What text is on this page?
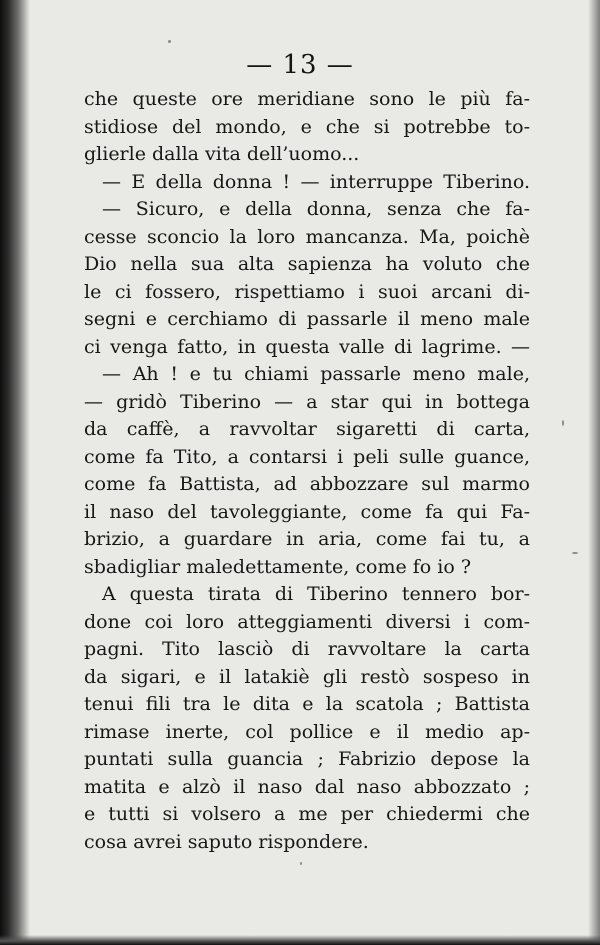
— 13 —
che queste ore meridiane sono le più fa-
stidiose del mondo, e che si potrebbe to-
glierle dalla vita dell’uomo...
— E della donna ! — interruppe Tiberino.
— Sicuro, e della donna, senza che fa-
cesse sconcio la loro mancanza. Ma, poichè
Dio nella sua alta sapienza ha voluto che
le ci fossero, rispettiamo i suoi arcani di-
segni e cerchiamo di passarle il meno male
ci venga fatto, in questa valle di lagrime. —
— Ah ! e tu chiami passarle meno male,
— gridò Tiberino — a star qui in bottega
da caffè, a ravvoltar sigaretti di carta,
come fa Tito, a contarsi i peli sulle guance,
come fa Battista, ad abbozzare sul marmo
il naso del tavoleggiante, come fa qui Fa-
brizio, a guardare in aria, come fai tu, a
sbadigliar maledettamente, come fo io ?
A questa tirata di Tiberino tennero bor-
done coi loro atteggiamenti diversi i com-
pagni. Tito lasciò di ravvoltare la carta
da sigari, e il latakiè gli restò sospeso in
tenui fili tra le dita e la scatola ; Battista
rimase inerte, col pollice e il medio ap-
puntati sulla guancia ; Fabrizio depose la
matita e alzò il naso dal naso abbozzato ;
e tutti si volsero a me per chiedermi che
cosa avrei saputo rispondere.
